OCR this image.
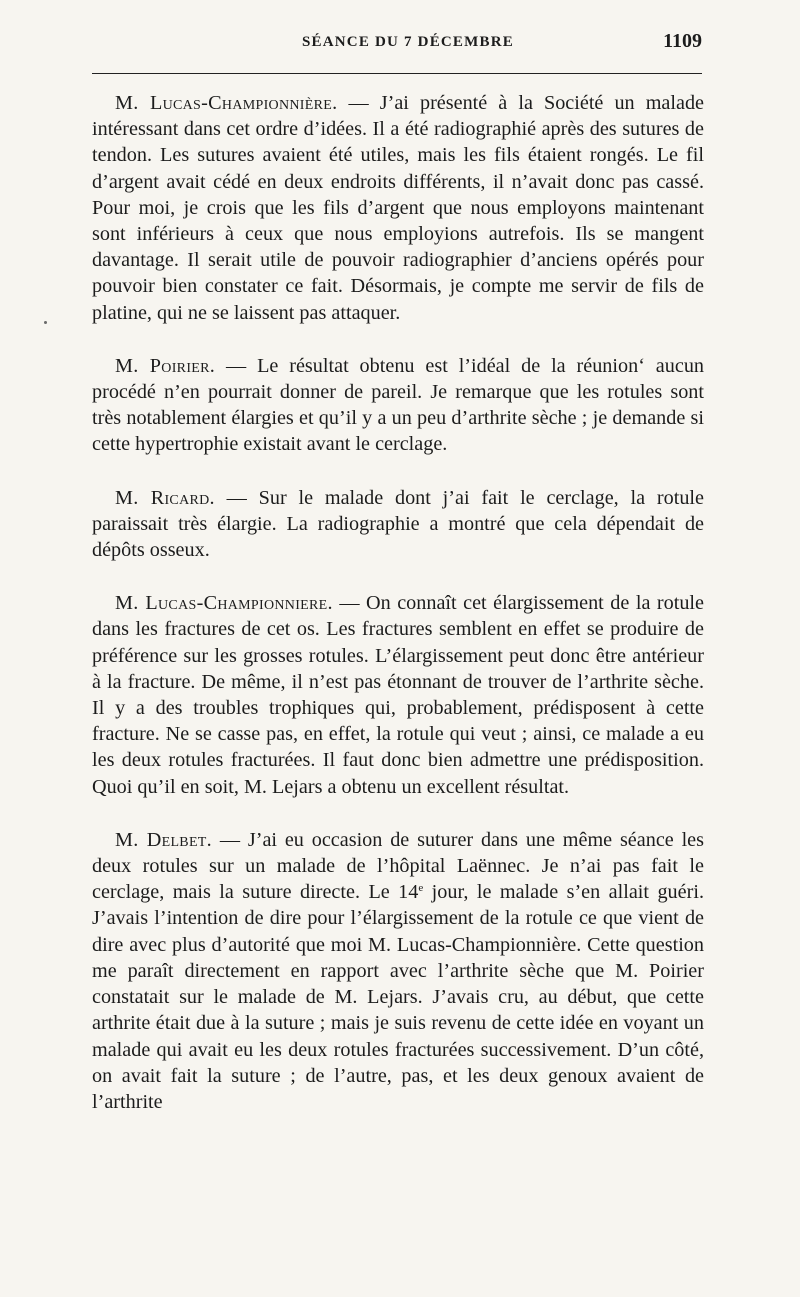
SÉANCE DU 7 DÉCEMBRE	1109

M. Lucas-Championnière. — J’ai présenté à la Société un malade intéressant dans cet ordre d’idées. Il a été radiographié après des sutures de tendon. Les sutures avaient été utiles, mais les fils étaient rongés. Le fil d’argent avait cédé en deux endroits différents, il n’avait donc pas cassé. Pour moi, je crois que les fils d’argent que nous employons maintenant sont inférieurs à ceux que nous employions autrefois. Ils se mangent davantage. Il serait utile de pouvoir radiographier d’anciens opérés pour pouvoir bien constater ce fait. Désormais, je compte me servir de fils de platine, qui ne se laissent pas attaquer.

M. Poirier. — Le résultat obtenu est l’idéal de la réunion‘ aucun procédé n’en pourrait donner de pareil. Je remarque que les rotules sont très notablement élargies et qu’il y a un peu d’arthrite sèche ; je demande si cette hypertrophie existait avant le cerclage.

M. Ricard. — Sur le malade dont j’ai fait le cerclage, la rotule paraissait très élargie. La radiographie a montré que cela dépendait de dépôts osseux.

M. Lucas-Championniere. — On connaît cet élargissement de la rotule dans les fractures de cet os. Les fractures semblent en effet se produire de préférence sur les grosses rotules. L’élargissement peut donc être antérieur à la fracture. De même, il n’est pas étonnant de trouver de l’arthrite sèche. Il y a des troubles trophiques qui, probablement, prédisposent à cette fracture. Ne se casse pas, en effet, la rotule qui veut ; ainsi, ce malade a eu les deux rotules fracturées. Il faut donc bien admettre une prédisposition. Quoi qu’il en soit, M. Lejars a obtenu un excellent résultat.

M. Delbet. — J’ai eu occasion de suturer dans une même séance les deux rotules sur un malade de l’hôpital Laënnec. Je n’ai pas fait le cerclage, mais la suture directe. Le 14e jour, le malade s’en allait guéri. J’avais l’intention de dire pour l’élargissement de la rotule ce que vient de dire avec plus d’autorité que moi M. Lucas-Championnière. Cette question me paraît directement en rapport avec l’arthrite sèche que M. Poirier constatait sur le malade de M. Lejars. J’avais cru, au début, que cette arthrite était due à la suture ; mais je suis revenu de cette idée en voyant un malade qui avait eu les deux rotules fracturées successivement. D’un côté, on avait fait la suture ; de l’autre, pas, et les deux genoux avaient de l’arthrite
